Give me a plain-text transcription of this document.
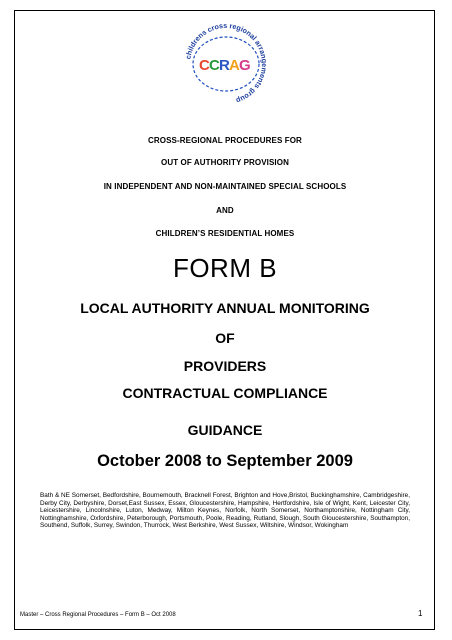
childrens cross regional arrangements group
C C R A G
CROSS-REGIONAL PROCEDURES FOR
OUT OF AUTHORITY PROVISION
IN INDEPENDENT AND NON-MAINTAINED SPECIAL SCHOOLS
AND
CHILDREN’S RESIDENTIAL HOMES
FORM B
LOCAL AUTHORITY ANNUAL MONITORING
OF
PROVIDERS
CONTRACTUAL COMPLIANCE
GUIDANCE
October 2008 to September 2009
Bath & NE Somerset, Bedfordshire, Bournemouth, Bracknell Forest, Brighton and Hove,Bristol, Buckinghamshire, Cambridgeshire, Derby City, Derbyshire, Dorset,East Sussex, Essex, Gloucestershire, Hampshire, Hertfordshire, Isle of Wight, Kent, Leicester City, Leicestershire, Lincolnshire, Luton, Medway, Milton Keynes, Norfolk, North Somerset, Northamptonshire, Nottingham City, Nottinghamshire, Oxfordshire, Peterborough, Portsmouth, Poole, Reading, Rutland, Slough, South Gloucestershire, Southampton, Southend, Suffolk, Surrey, Swindon, Thurrock, West Berkshire, West Sussex, Wiltshire, Windsor, Wokingham
Master – Cross Regional Procedures – Form B – Oct 2008	1
